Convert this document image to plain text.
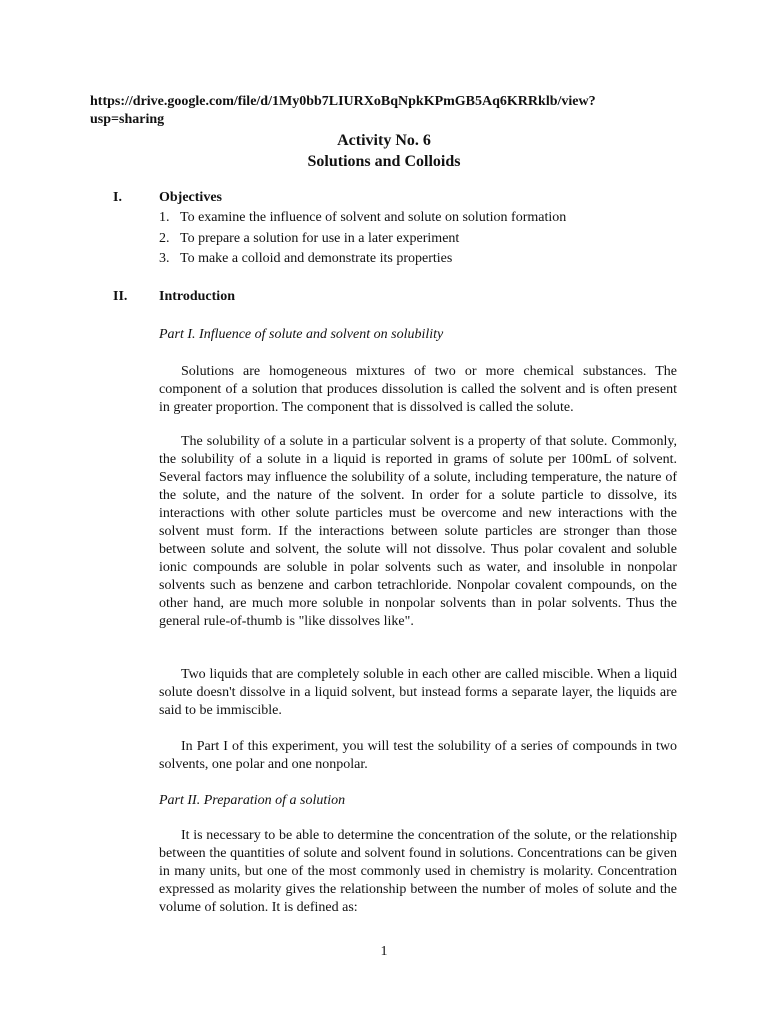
https://drive.google.com/file/d/1My0bb7LIURXoBqNpkKPmGB5Aq6KRRklb/view?usp=sharing
Activity No. 6
Solutions and Colloids
I.	Objectives
1. To examine the influence of solvent and solute on solution formation
2. To prepare a solution for use in a later experiment
3. To make a colloid and demonstrate its properties
II. Introduction
Part I. Influence of solute and solvent on solubility
Solutions are homogeneous mixtures of two or more chemical substances. The component of a solution that produces dissolution is called the solvent and is often present in greater proportion. The component that is dissolved is called the solute.
The solubility of a solute in a particular solvent is a property of that solute. Commonly, the solubility of a solute in a liquid is reported in grams of solute per 100mL of solvent. Several factors may influence the solubility of a solute, including temperature, the nature of the solute, and the nature of the solvent. In order for a solute particle to dissolve, its interactions with other solute particles must be overcome and new interactions with the solvent must form. If the interactions between solute particles are stronger than those between solute and solvent, the solute will not dissolve. Thus polar covalent and soluble ionic compounds are soluble in polar solvents such as water, and insoluble in nonpolar solvents such as benzene and carbon tetrachloride. Nonpolar covalent compounds, on the other hand, are much more soluble in nonpolar solvents than in polar solvents. Thus the general rule-of-thumb is "like dissolves like".
Two liquids that are completely soluble in each other are called miscible. When a liquid solute doesn't dissolve in a liquid solvent, but instead forms a separate layer, the liquids are said to be immiscible.
In Part I of this experiment, you will test the solubility of a series of compounds in two solvents, one polar and one nonpolar.
Part II. Preparation of a solution
It is necessary to be able to determine the concentration of the solute, or the relationship between the quantities of solute and solvent found in solutions. Concentrations can be given in many units, but one of the most commonly used in chemistry is molarity. Concentration expressed as molarity gives the relationship between the number of moles of solute and the volume of solution. It is defined as:
1
